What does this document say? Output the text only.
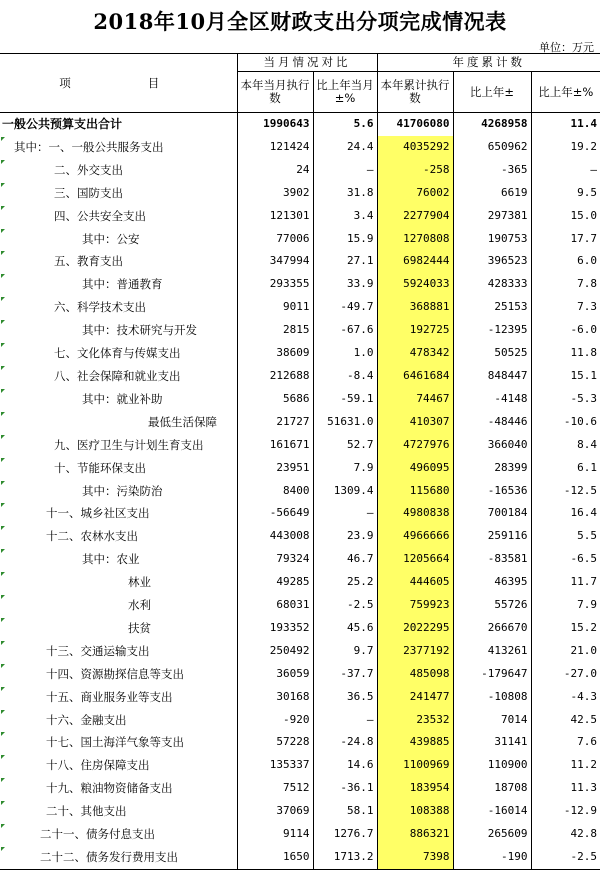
2018年10月全区财政支出分项完成情况表
单位：万元
项　　目	当月情况对比		年度累计数		
	本年当月执行数	比上年当月±%	本年累计执行数	比上年±	比上年±%
一般公共预算支出合计	1990643	5.6	41706080	4268958	11.4

其中：一、一般公共服务支出	121424	24.4	4035292	650962	19.2

二、外交支出	24	—	-258	-365	—

三、国防支出	3902	31.8	76002	6619	9.5

四、公共安全支出	121301	3.4	2277904	297381	15.0

其中：公安	77006	15.9	1270808	190753	17.7

五、教育支出	347994	27.1	6982444	396523	6.0

其中：普通教育	293355	33.9	5924033	428333	7.8

六、科学技术支出	9011	-49.7	368881	25153	7.3

其中：技术研究与开发	2815	-67.6	192725	-12395	-6.0

七、文化体育与传媒支出	38609	1.0	478342	50525	11.8

八、社会保障和就业支出	212688	-8.4	6461684	848447	15.1

其中：就业补助	5686	-59.1	74467	-4148	-5.3

最低生活保障	21727	51631.0	410307	-48446	-10.6

九、医疗卫生与计划生育支出	161671	52.7	4727976	366040	8.4

十、节能环保支出	23951	7.9	496095	28399	6.1

其中：污染防治	8400	1309.4	115680	-16536	-12.5

十一、城乡社区支出	-56649	—	4980838	700184	16.4

十二、农林水支出	443008	23.9	4966666	259116	5.5

其中：农业	79324	46.7	1205664	-83581	-6.5

林业	49285	25.2	444605	46395	11.7

水利	68031	-2.5	759923	55726	7.9

扶贫	193352	45.6	2022295	266670	15.2

十三、交通运输支出	250492	9.7	2377192	413261	21.0

十四、资源勘探信息等支出	36059	-37.7	485098	-179647	-27.0

十五、商业服务业等支出	30168	36.5	241477	-10808	-4.3

十六、金融支出	-920	—	23532	7014	42.5

十七、国土海洋气象等支出	57228	-24.8	439885	31141	7.6

十八、住房保障支出	135337	14.6	1100969	110900	11.2

十九、粮油物资储备支出	7512	-36.1	183954	18708	11.3

二十、其他支出	37069	58.1	108388	-16014	-12.9

二十一、债务付息支出	9114	1276.7	886321	265609	42.8

二十二、债务发行费用支出	1650	1713.2	7398	-190	-2.5
